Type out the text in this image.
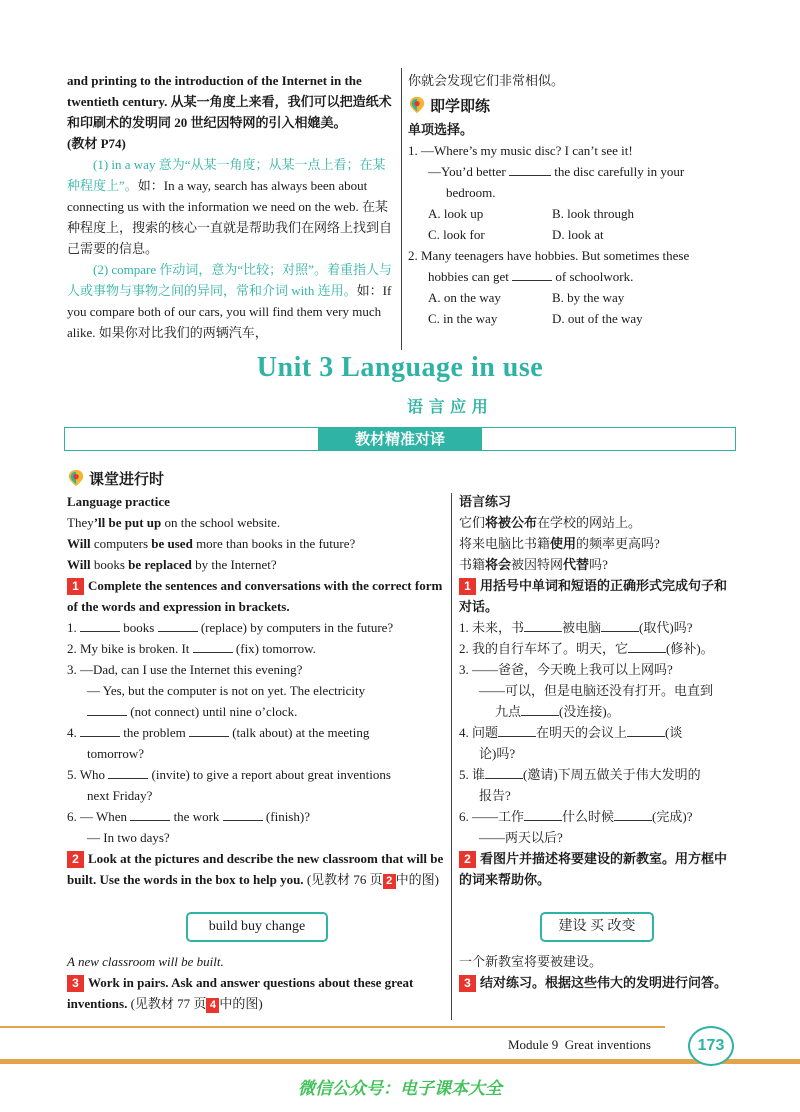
and printing to the introduction of the Internet in the twentieth century. 从某一角度上来看，我们可以把造纸术和印刷术的发明同 20 世纪因特网的引入相媲美。

(教材 P74)

(1) in a way 意为“从某一角度；从某一点上看；在某种程度上”。如：In a way, search has always been about connecting us with the information we need on the web. 在某种程度上，搜索的核心一直就是帮助我们在网络上找到自己需要的信息。

(2) compare 作动词，意为“比较；对照”。着重指人与人或事物与事物之间的异同，常和介词 with 连用。如：If you compare both of our cars, you will find them very much alike. 如果你对比我们的两辆汽车，

你就会发现它们非常相似。

即学即练

单项选择。

1. —Where’s my music disc? I can’t see it!

—You’d better	the disc carefully in your

bedroom.

A. look up	B. look through

C. look for	D. look at

2. Many teenagers have hobbies. But sometimes these

hobbies can get	of schoolwork.

A. on the way	B. by the way

C. in the way	D. out of the way

Unit 3 Language in use
语 言 应 用
教材精准对译
课堂进行时

Language practice

They’ll be put up on the school website.

Will computers be used more than books in the future?

Will books be replaced by the Internet?

1 Complete the sentences and conversations with the correct form of the words and expression in brackets.

1.	books	(replace) by computers in the future?

2. My bike is broken. It	(fix) tomorrow.

3. —Dad, can I use the Internet this evening?

— Yes, but the computer is not on yet. The electricity

(not connect) until nine o’clock.

4.	the problem	(talk about) at the meeting

tomorrow?

5. Who	(invite) to give a report about great inventions

next Friday?

6. — When	the work	(finish)?

— In two days?

2 Look at the pictures and describe the new classroom that will be built. Use the words in the box to help you. (见教材 76 页 2 中的图)

build buy change

A new classroom will be built.

3 Work in pairs. Ask and answer questions about these great inventions. (见教材 77 页 4 中的图)

语言练习

它们将被公布在学校的网站上。

将来电脑比书籍使用的频率更高吗?

书籍将会被因特网代替吗?

1 用括号中单词和短语的正确形式完成句子和对话。

1. 未来，书	被电脑	(取代)吗?

2. 我的自行车坏了。明天，它	(修补)。

3. ——爸爸，今天晚上我可以上网吗?

——可以，但是电脑还没有打开。电直到

九点	(没连接)。

4. 问题	在明天的会议上	(谈

论)吗?

5. 谁	(邀请)下周五做关于伟大发明的

报告?

6. ——工作	什么时候	(完成)?

——两天以后?

2 看图片并描述将要建设的新教室。用方框中的词来帮助你。

建设 买 改变

一个新教室将要被建设。

3 结对练习。根据这些伟大的发明进行问答。

Module 9 Great inventions	173
微信公众号：电子课本大全
